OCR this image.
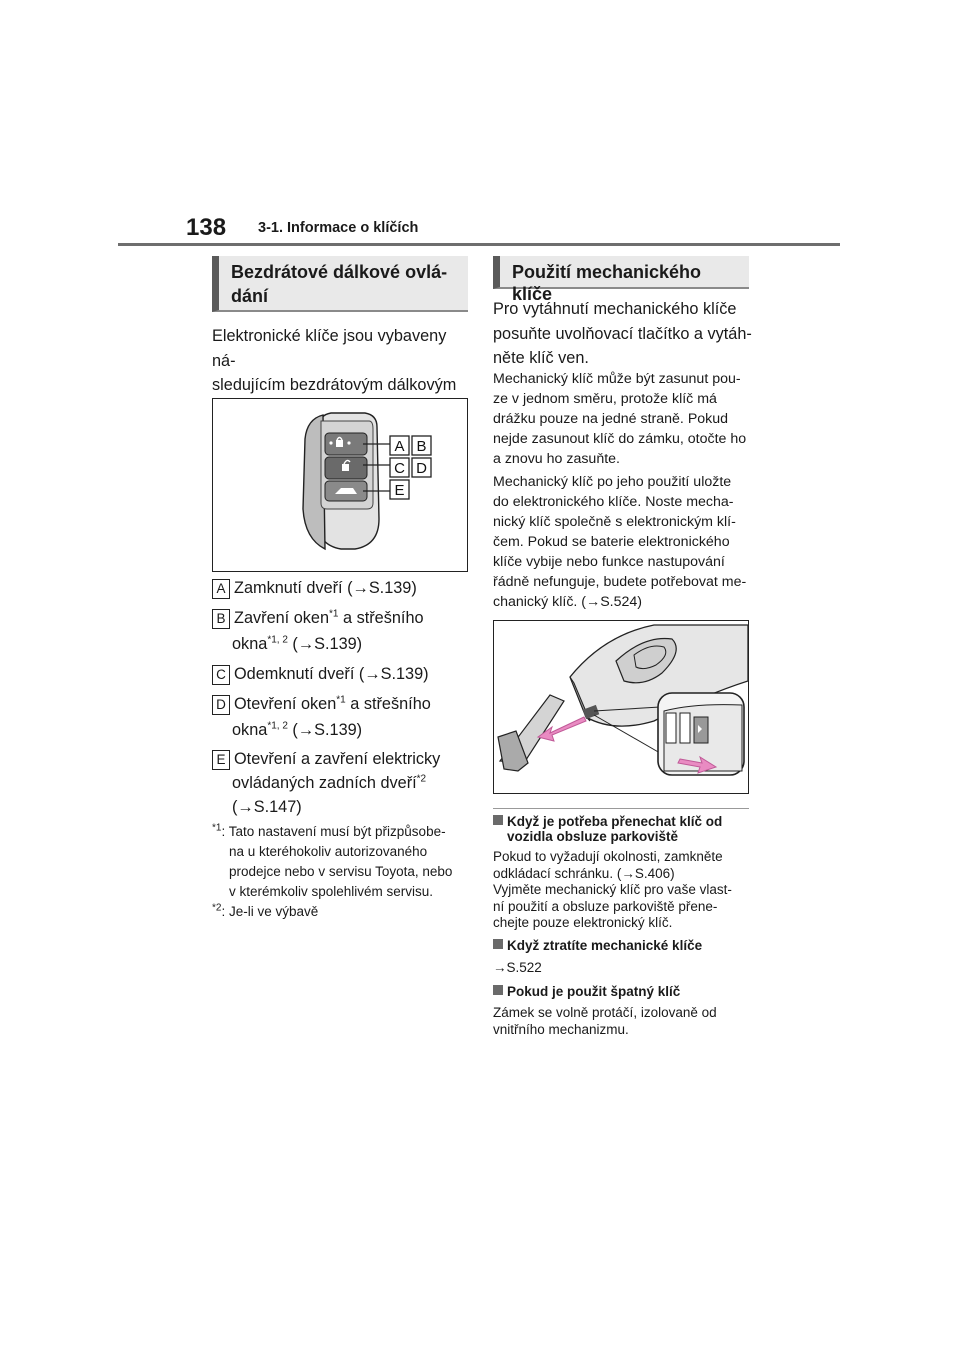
138 3-1. Informace o klíčích
Bezdrátové dálkové ovlá-
dání
Elektronické klíče jsou vybaveny ná-
sledujícím bezdrátovým dálkovým

A B
C D
E
A Zamknutí dveří (→S.139)
B Zavření oken$^{*1}$ a střešního
okna$^{*1, 2}$ (→S.139)
C Odemknutí dveří (→S.139)
D Otevření oken$^{*1}$ a střešního
okna$^{*1, 2}$ (→S.139)
E Otevření a zavření elektricky
ovládaných zadních dveří$^{*2}$
(→S.147)
$^{*1}$: Tato nastavení musí být přizpůsobe-
na u kteréhokoliv autorizovaného
prodejce nebo v servisu Toyota, nebo
v kterémkoliv spolehlivém servisu.
$^{*2}$: Je-li ve výbavě
Použití mechanického klíče
Pro vytáhnutí mechanického klíče
posuňte uvolňovací tlačítko a vytáh-
něte klíč ven.
Mechanický klíč může být zasunut pou-
ze v jednom směru, protože klíč má
drážku pouze na jedné straně. Pokud
nejde zasunout klíč do zámku, otočte ho
a znovu ho zasuňte.
Mechanický klíč po jeho použití uložte
do elektronického klíče. Noste mecha-
nický klíč společně s elektronickým klí-
čem. Pokud se baterie elektronického
klíče vybije nebo funkce nastupování
řádně nefunguje, budete potřebovat me-
chanický klíč. (→S.524)
Když je potřeba přenechat klíč od
vozidla obsluze parkoviště
Pokud to vyžadují okolnosti, zamkněte
odkládací schránku. (→S.406)
Vyjměte mechanický klíč pro vaše vlast-
ní použití a obsluze parkoviště přene-
chejte pouze elektronický klíč.
Když ztratíte mechanické klíče
→S.522
Pokud je použit špatný klíč
Zámek se volně protáčí, izolovaně od
vnitřního mechanizmu.
